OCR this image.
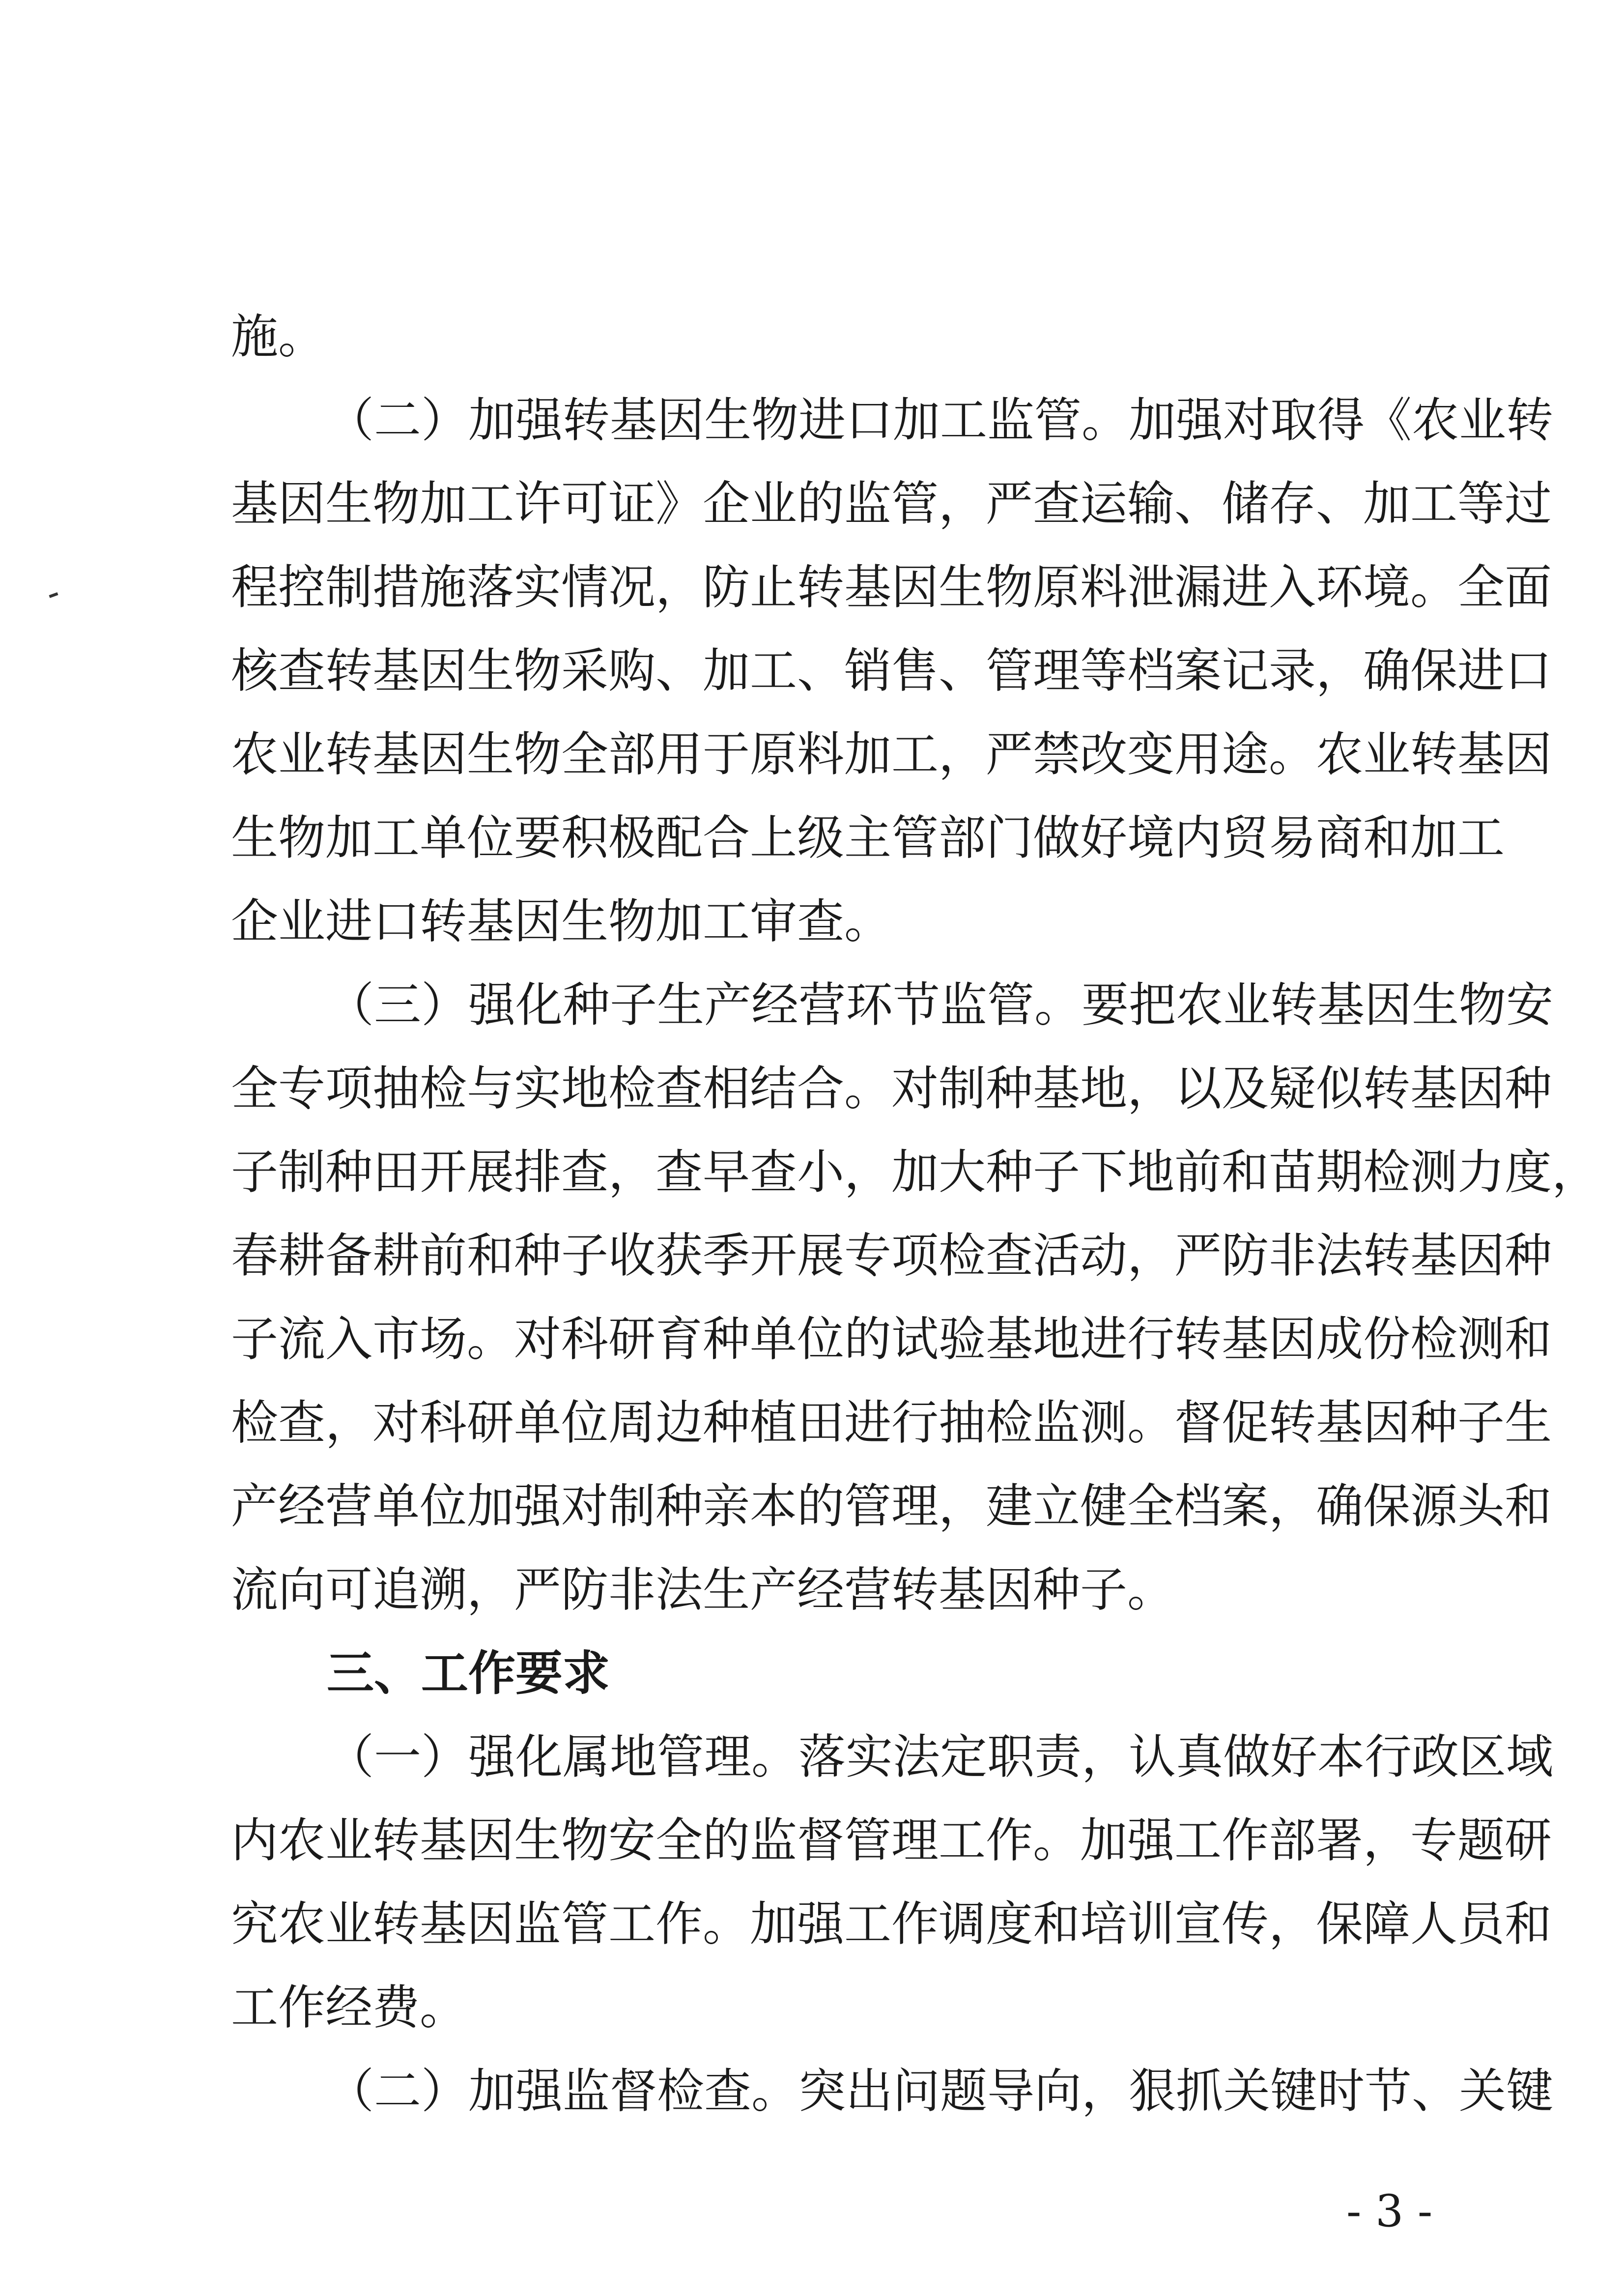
施。
（二）加强转基因生物进口加工监管。加强对取得《农业转
基因生物加工许可证》企业的监管，严查运输、储存、加工等过
程控制措施落实情况，防止转基因生物原料泄漏进入环境。全面
核查转基因生物采购、加工、销售、管理等档案记录，确保进口
农业转基因生物全部用于原料加工，严禁改变用途。农业转基因
生物加工单位要积极配合上级主管部门做好境内贸易商和加工
企业进口转基因生物加工审查。
（三）强化种子生产经营环节监管。要把农业转基因生物安
全专项抽检与实地检查相结合。对制种基地，以及疑似转基因种
子制种田开展排查，查早查小，加大种子下地前和苗期检测力度，
春耕备耕前和种子收获季开展专项检查活动，严防非法转基因种
子流入市场。对科研育种单位的试验基地进行转基因成份检测和
检查，对科研单位周边种植田进行抽检监测。督促转基因种子生
产经营单位加强对制种亲本的管理，建立健全档案，确保源头和
流向可追溯，严防非法生产经营转基因种子。
三、工作要求
（一）强化属地管理。落实法定职责，认真做好本行政区域
内农业转基因生物安全的监督管理工作。加强工作部署，专题研
究农业转基因监管工作。加强工作调度和培训宣传，保障人员和
工作经费。
（二）加强监督检查。突出问题导向，狠抓关键时节、关键
- 3 -
